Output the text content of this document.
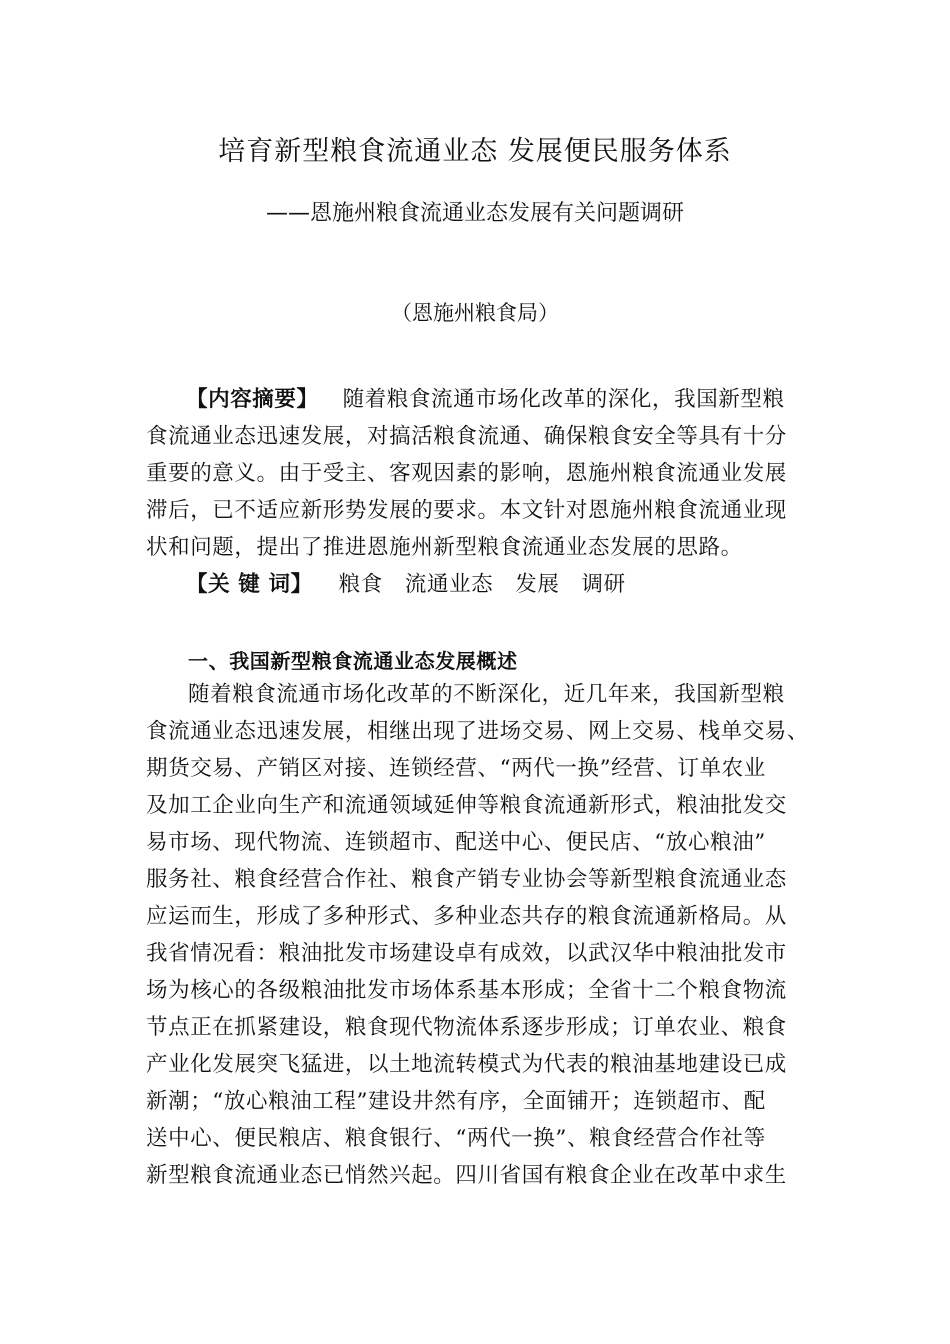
培育新型粮食流通业态 发展便民服务体系
——恩施州粮食流通业态发展有关问题调研
（恩施州粮食局）
【内容摘要】 随着粮食流通市场化改革的深化，我国新型粮
食流通业态迅速发展，对搞活粮食流通、确保粮食安全等具有十分
重要的意义。由于受主、客观因素的影响，恩施州粮食流通业发展
滞后，已不适应新形势发展的要求。本文针对恩施州粮食流通业现
状和问题，提出了推进恩施州新型粮食流通业态发展的思路。
【关 键 词】 粮食 流通业态 发展 调研
一、我国新型粮食流通业态发展概述
随着粮食流通市场化改革的不断深化，近几年来，我国新型粮
食流通业态迅速发展，相继出现了进场交易、网上交易、栈单交易、
期货交易、产销区对接、连锁经营、“两代一换”经营、订单农业
及加工企业向生产和流通领域延伸等粮食流通新形式，粮油批发交
易市场、现代物流、连锁超市、配送中心、便民店、“放心粮油”
服务社、粮食经营合作社、粮食产销专业协会等新型粮食流通业态
应运而生，形成了多种形式、多种业态共存的粮食流通新格局。从
我省情况看：粮油批发市场建设卓有成效，以武汉华中粮油批发市
场为核心的各级粮油批发市场体系基本形成；全省十二个粮食物流
节点正在抓紧建设，粮食现代物流体系逐步形成；订单农业、粮食
产业化发展突飞猛进，以土地流转模式为代表的粮油基地建设已成
新潮；“放心粮油工程”建设井然有序，全面铺开；连锁超市、配
送中心、便民粮店、粮食银行、“两代一换”、粮食经营合作社等
新型粮食流通业态已悄然兴起。四川省国有粮食企业在改革中求生
